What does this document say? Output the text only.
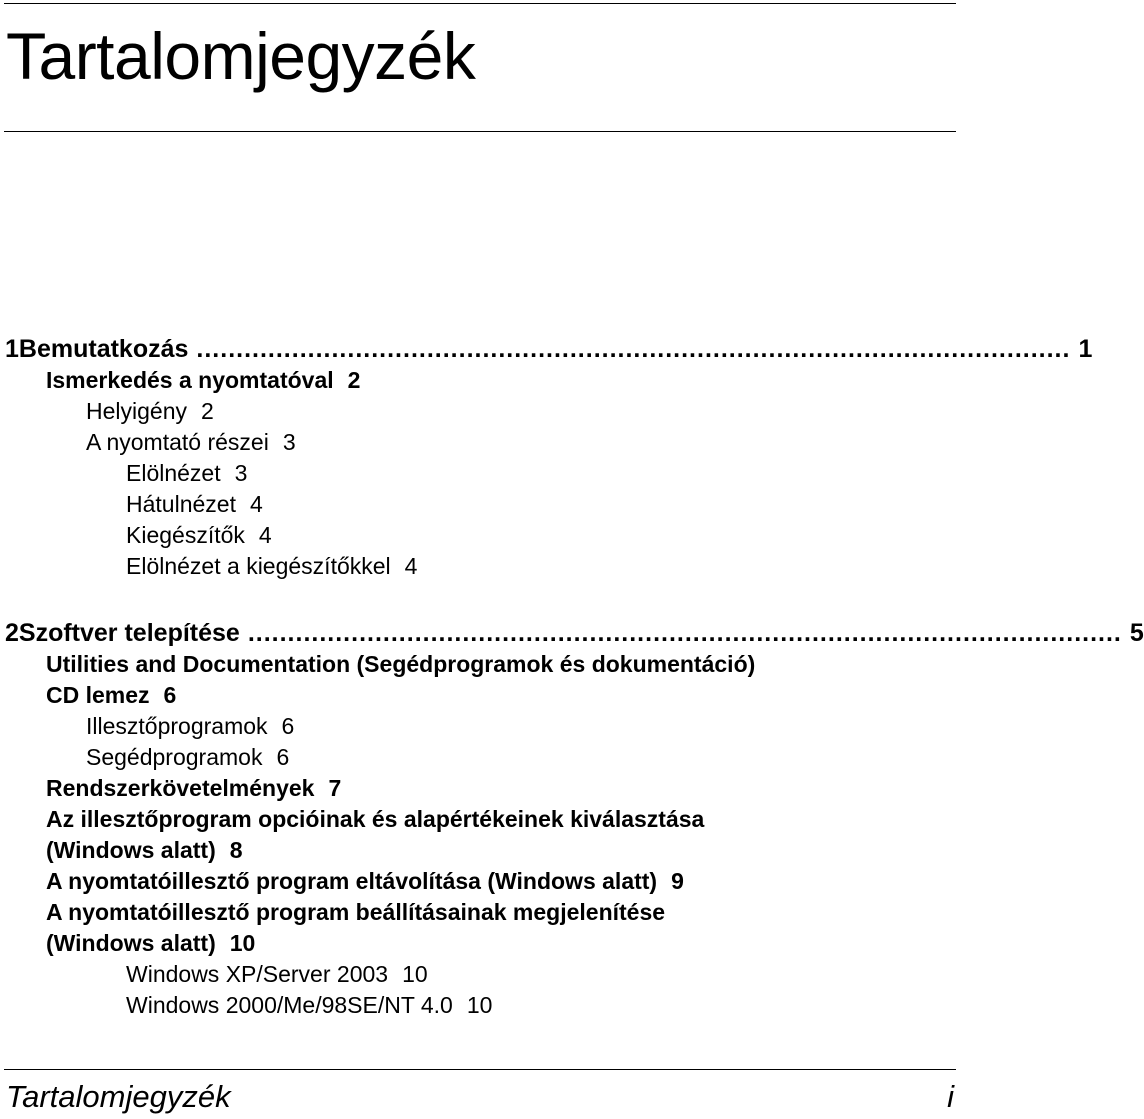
Tartalomjegyzék
1 Bemutatkozás .............................................................................................................. 1
Ismerkedés a nyomtatóval 2
Helyigény 2
A nyomtató részei 3
Elölnézet 3
Hátulnézet 4
Kiegészítők 4
Elölnézet a kiegészítőkkel 4
2 Szoftver telepítése .............................................................................................................. 5
Utilities and Documentation (Segédprogramok és dokumentáció)
CD lemez 6
Illesztőprogramok 6
Segédprogramok 6
Rendszerkövetelmények 7
Az illesztőprogram opcióinak és alapértékeinek kiválasztása
(Windows alatt) 8
A nyomtatóillesztő program eltávolítása (Windows alatt) 9
A nyomtatóillesztő program beállításainak megjelenítése
(Windows alatt) 10
Windows XP/Server 2003 10
Windows 2000/Me/98SE/NT 4.0 10
Tartalomjegyzék	i
